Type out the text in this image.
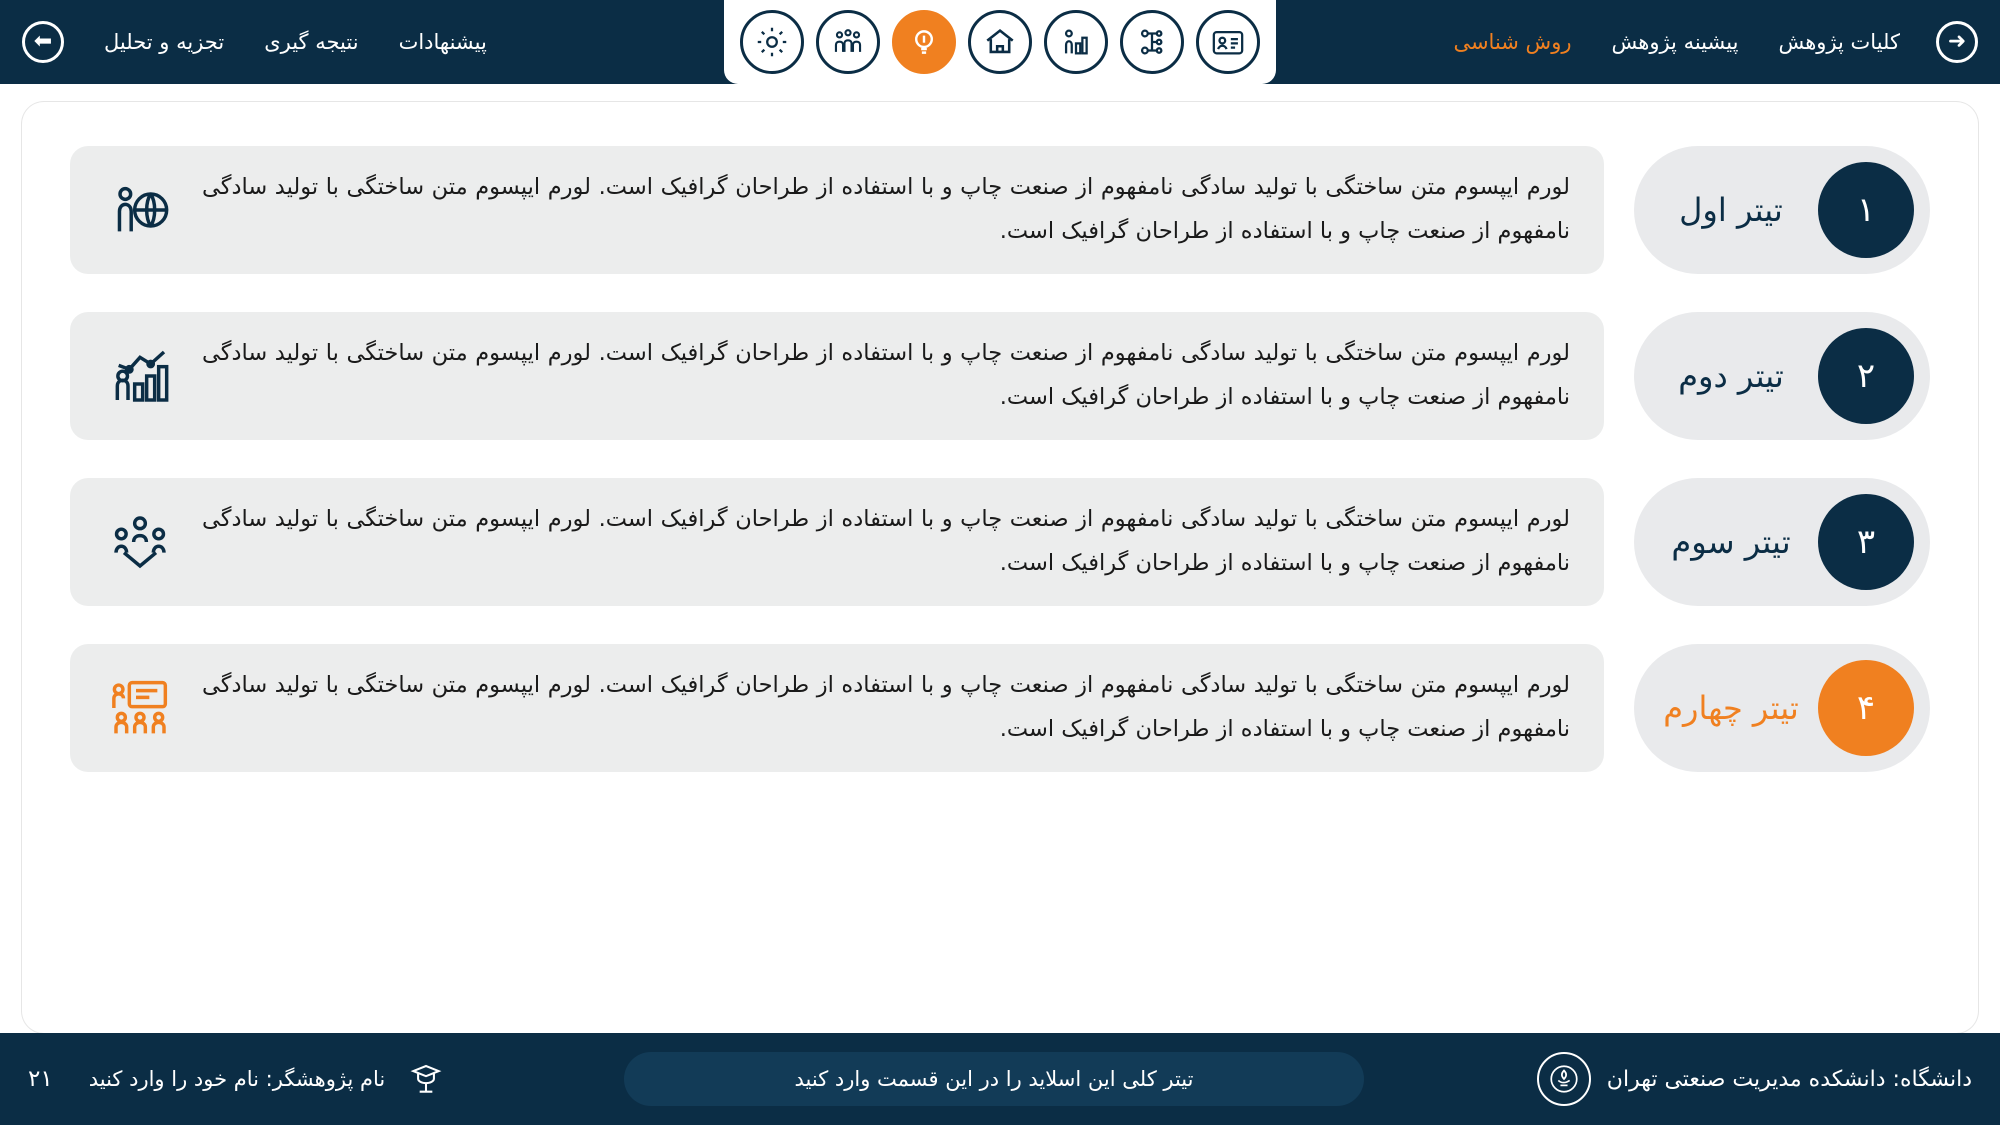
➜
کلیات پژوهش
پیشینه پژوهش
روش شناسی
پیشنهادات
نتیجه گیری
تجزیه و تحلیل
⬅
۱
تیتر اول
لورم ایپسوم متن ساختگی با تولید سادگی نامفهوم از صنعت چاپ و با استفاده از طراحان گرافیک است. لورم ایپسوم متن ساختگی با تولید سادگی نامفهوم از صنعت چاپ و با استفاده از طراحان گرافیک است.
۲
تیتر دوم
لورم ایپسوم متن ساختگی با تولید سادگی نامفهوم از صنعت چاپ و با استفاده از طراحان گرافیک است. لورم ایپسوم متن ساختگی با تولید سادگی نامفهوم از صنعت چاپ و با استفاده از طراحان گرافیک است.
۳
تیتر سوم
لورم ایپسوم متن ساختگی با تولید سادگی نامفهوم از صنعت چاپ و با استفاده از طراحان گرافیک است. لورم ایپسوم متن ساختگی با تولید سادگی نامفهوم از صنعت چاپ و با استفاده از طراحان گرافیک است.
۴
تیتر چهارم
لورم ایپسوم متن ساختگی با تولید سادگی نامفهوم از صنعت چاپ و با استفاده از طراحان گرافیک است. لورم ایپسوم متن ساختگی با تولید سادگی نامفهوم از صنعت چاپ و با استفاده از طراحان گرافیک است.
دانشگاه: دانشکده مدیریت صنعتی تهران
تیتر کلی این اسلاید را در این قسمت وارد کنید
نام پژوهشگر: نام خود را وارد کنید
۲۱
